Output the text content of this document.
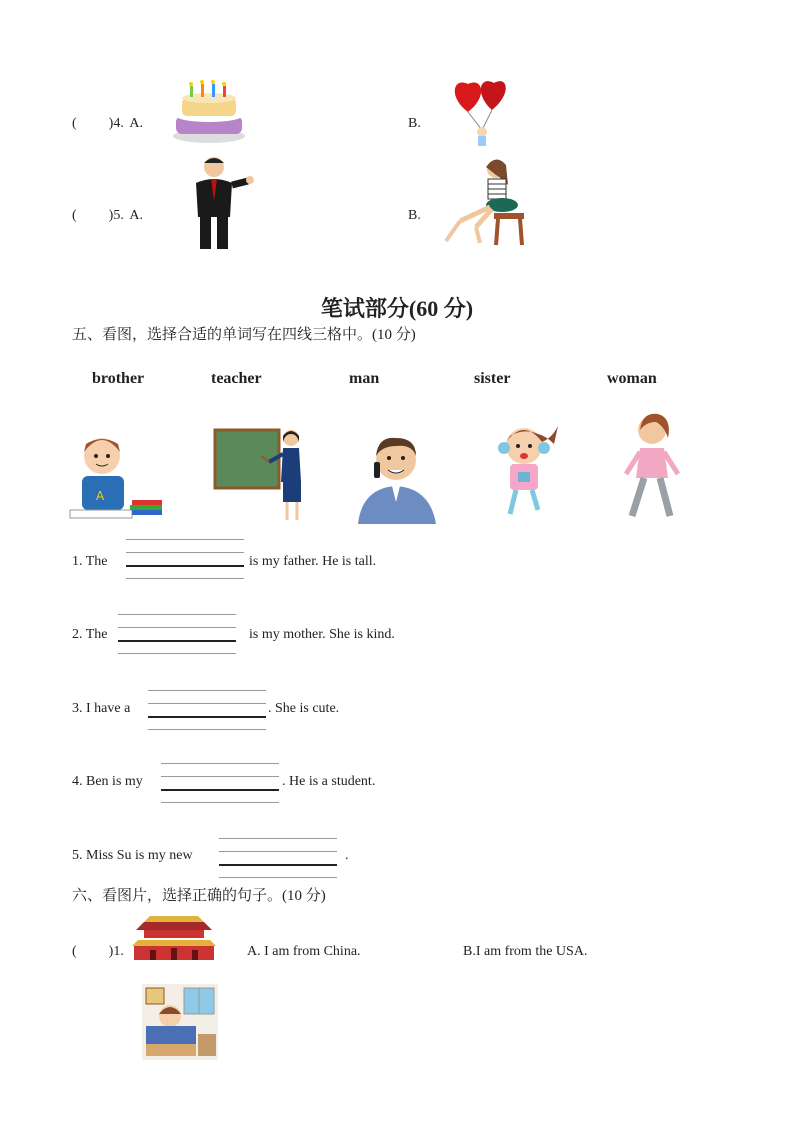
( )4. A.	B.
( )5. A.	B.
笔试部分(60 分)
五、看图，选择合适的单词写在四线三格中。(10 分)
brother	teacher	man	sister	woman
A
1. The	is my father. He is tall.
2. The	is my mother. She is kind.
3. I have a	. She is cute.
4. Ben is my	. He is a student.
5. Miss Su is my new	.
六、看图片，选择正确的句子。(10 分)
( )1.	A. I am from China.	B.I am from the USA.
